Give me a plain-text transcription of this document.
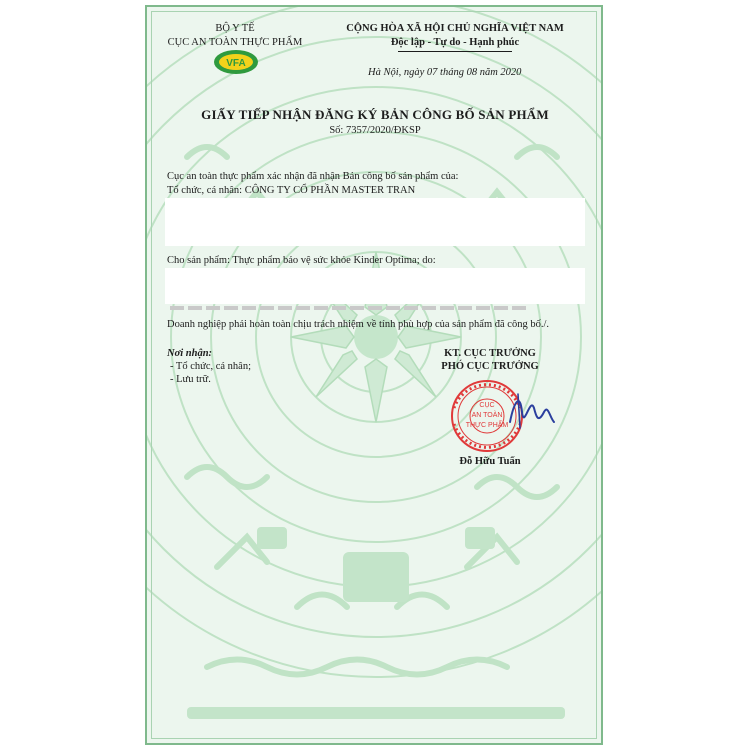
BỘ Y TẾ
CỤC AN TOÀN THỰC PHẨM
VFA
CỘNG HÒA XÃ HỘI CHỦ NGHĨA VIỆT NAM
Độc lập - Tự do - Hạnh phúc
Hà Nội, ngày 07 tháng 08 năm 2020
GIẤY TIẾP NHẬN ĐĂNG KÝ BẢN CÔNG BỐ SẢN PHẨM
Số: 7357/2020/ĐKSP
Cục an toàn thực phẩm xác nhận đã nhận Bản công bố sản phẩm của:
Tổ chức, cá nhân: CÔNG TY CỔ PHẦN MASTER TRAN
Cho sản phẩm: Thực phẩm bảo vệ sức khỏe Kinder Optima; do:
Doanh nghiệp phải hoàn toàn chịu trách nhiệm về tính phù hợp của sản phẩm đã công bố./.
Nơi nhận:
- Tổ chức, cá nhân;
- Lưu trữ.
KT. CỤC TRƯỞNG
PHÓ CỤC TRƯỞNG
CỤC
AN TOÀN
THỰC PHẨM
Đỗ Hữu Tuấn
